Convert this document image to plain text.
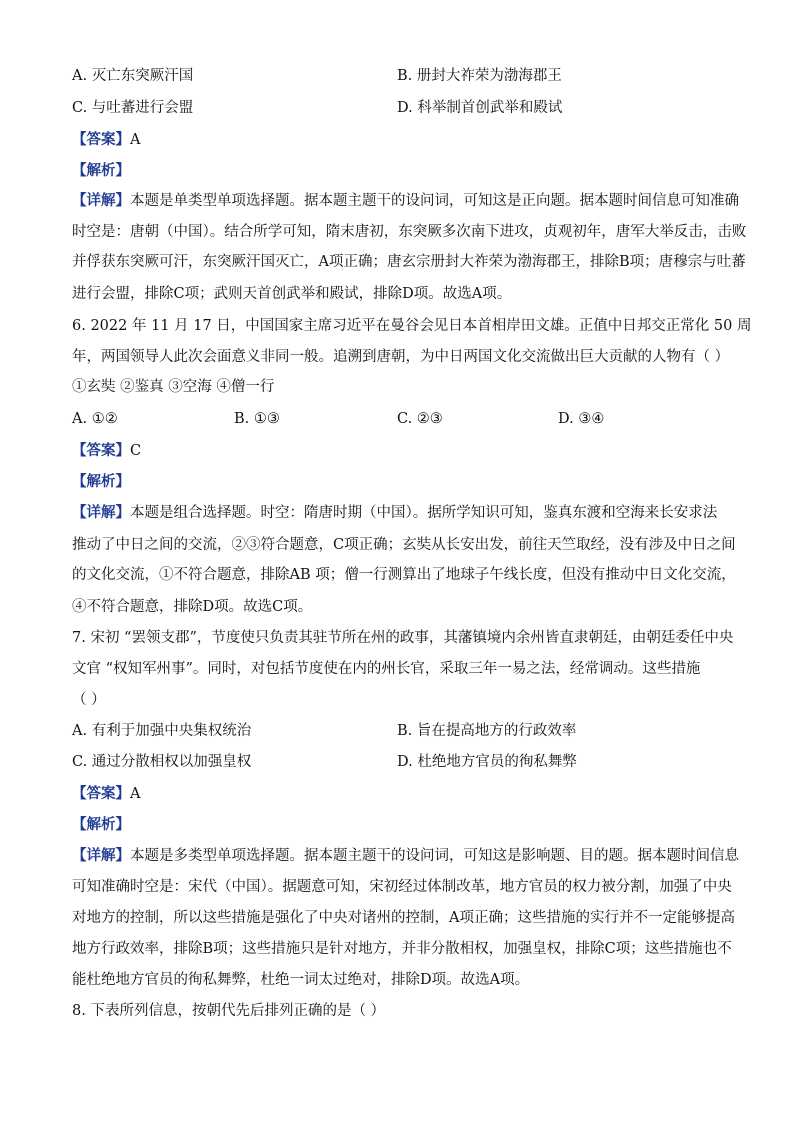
A. 灭亡东突厥汗国	B. 册封大祚荣为渤海郡王
C. 与吐蕃进行会盟	D. 科举制首创武举和殿试
【答案】A
【解析】
【详解】本题是单类型单项选择题。据本题主题干的设问词，可知这是正向题。据本题时间信息可知准确
时空是：唐朝（中国）。结合所学可知，隋末唐初，东突厥多次南下进攻，贞观初年，唐军大举反击，击败
并俘获东突厥可汗，东突厥汗国灭亡，A项正确；唐玄宗册封大祚荣为渤海郡王，排除B项；唐穆宗与吐蕃
进行会盟，排除C项；武则天首创武举和殿试，排除D项。故选A项。
6. 2022 年 11 月 17 日，中国国家主席习近平在曼谷会见日本首相岸田文雄。正值中日邦交正常化 50 周
年，两国领导人此次会面意义非同一般。追溯到唐朝，为中日两国文化交流做出巨大贡献的人物有（ ）
①玄奘 ②鉴真 ③空海 ④僧一行
A. ①②	B. ①③	C. ②③	D. ③④
【答案】C
【解析】
【详解】本题是组合选择题。时空：隋唐时期（中国）。据所学知识可知，鉴真东渡和空海来长安求法
推动了中日之间的交流，②③符合题意，C项正确；玄奘从长安出发，前往天竺取经，没有涉及中日之间
的文化交流，①不符合题意，排除AB 项；僧一行测算出了地球子午线长度，但没有推动中日文化交流，
④不符合题意，排除D项。故选C项。
7. 宋初 “罢领支郡”，节度使只负责其驻节所在州的政事，其藩镇境内余州皆直隶朝廷，由朝廷委任中央
文官 “权知军州事”。同时，对包括节度使在内的州长官，采取三年一易之法，经常调动。这些措施
（ ）
A. 有利于加强中央集权统治	B. 旨在提高地方的行政效率
C. 通过分散相权以加强皇权	D. 杜绝地方官员的徇私舞弊
【答案】A
【解析】
【详解】本题是多类型单项选择题。据本题主题干的设问词，可知这是影响题、目的题。据本题时间信息
可知准确时空是：宋代（中国）。据题意可知，宋初经过体制改革，地方官员的权力被分割，加强了中央
对地方的控制，所以这些措施是强化了中央对诸州的控制，A项正确；这些措施的实行并不一定能够提高
地方行政效率，排除B项；这些措施只是针对地方，并非分散相权，加强皇权，排除C项；这些措施也不
能杜绝地方官员的徇私舞弊，杜绝一词太过绝对，排除D项。故选A项。
8. 下表所列信息，按朝代先后排列正确的是（ ）
